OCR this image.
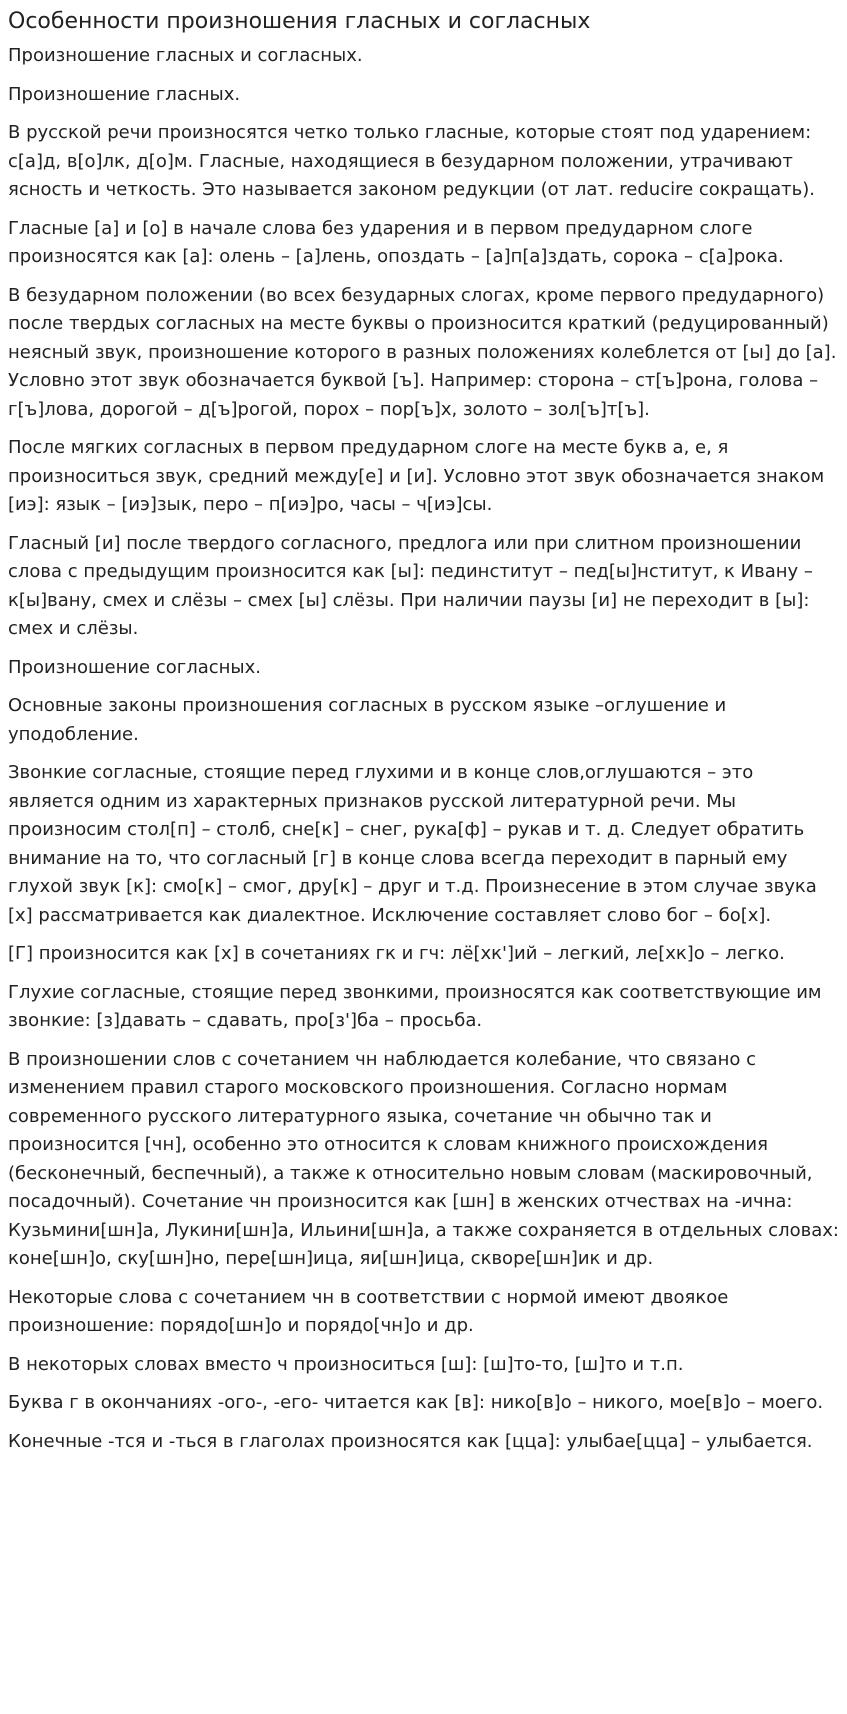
Особенности произношения гласных и согласных

Произношение гласных и согласных.

Произношение гласных.

В русской речи произносятся четко только гласные, которые стоят под ударением: с[а]д, в[о]лк, д[о]м. Гласные, находящиеся в безударном положении, утрачивают ясность и четкость. Это называется законом редукции (от лат. reducire сокращать).

Гласные [а] и [о] в начале слова без ударения и в первом предударном слоге произносятся как [а]: олень – [а]лень, опоздать – [а]п[а]здать, сорока – с[а]рока.

В безударном положении (во всех безударных слогах, кроме первого предударного) после твердых согласных на месте буквы о произносится краткий (редуцированный) неясный звук, произношение которого в разных положениях колеблется от [ы] до [а]. Условно этот звук обозначается буквой [ъ]. Например: сторона – ст[ъ]рона, голова – г[ъ]лова, дорогой – д[ъ]рогой, порох – пор[ъ]х, золото – зол[ъ]т[ъ].

После мягких согласных в первом предударном слоге на месте букв а, е, я произноситься звук, средний между[е] и [и]. Условно этот звук обозначается знаком [иэ]: язык – [иэ]зык, перо – п[иэ]ро, часы – ч[иэ]сы.

Гласный [и] после твердого согласного, предлога или при слитном произношении слова с предыдущим произносится как [ы]: пединститут – пед[ы]нститут, к Ивану – к[ы]вану, смех и слёзы – смех [ы] слёзы. При наличии паузы [и] не переходит в [ы]: смех и слёзы.

Произношение согласных.

Основные законы произношения согласных в русском языке –оглушение и уподобление.

Звонкие согласные, стоящие перед глухими и в конце слов,оглушаются – это является одним из характерных признаков русской литературной речи. Мы произносим стол[п] – столб, сне[к] – снег, рука[ф] – рукав и т. д. Следует обратить внимание на то, что согласный [г] в конце слова всегда переходит в парный ему глухой звук [к]: смо[к] – смог, дру[к] – друг и т.д. Произнесение в этом случае звука [х] рассматривается как диалектное. Исключение составляет слово бог – бо[х].

[Г] произносится как [х] в сочетаниях гк и гч: лё[хк']ий – легкий, ле[хк]о – легко.

Глухие согласные, стоящие перед звонкими, произносятся как соответствующие им звонкие: [з]давать – сдавать, про[з']ба – просьба.

В произношении слов с сочетанием чн наблюдается колебание, что связано с изменением правил старого московского произношения. Согласно нормам современного русского литературного языка, сочетание чн обычно так и произносится [чн], особенно это относится к словам книжного происхождения (бесконечный, беспечный), а также к относительно новым словам (маскировочный, посадочный). Сочетание чн произносится как [шн] в женских отчествах на -ична: Кузьмини[шн]а, Лукини[шн]а, Ильини[шн]а, а также сохраняется в отдельных словах: коне[шн]о, ску[шн]но, пере[шн]ица, яи[шн]ица, скворе[шн]ик и др.

Некоторые слова с сочетанием чн в соответствии с нормой имеют двоякое произношение: порядо[шн]о и порядо[чн]о и др.

В некоторых словах вместо ч произноситься [ш]: [ш]то-то, [ш]то и т.п.

Буква г в окончаниях -ого-, -его- читается как [в]: нико[в]о – никого, мое[в]о – моего.

Конечные -тся и -ться в глаголах произносятся как [цца]: улыбае[цца] – улыбается.
